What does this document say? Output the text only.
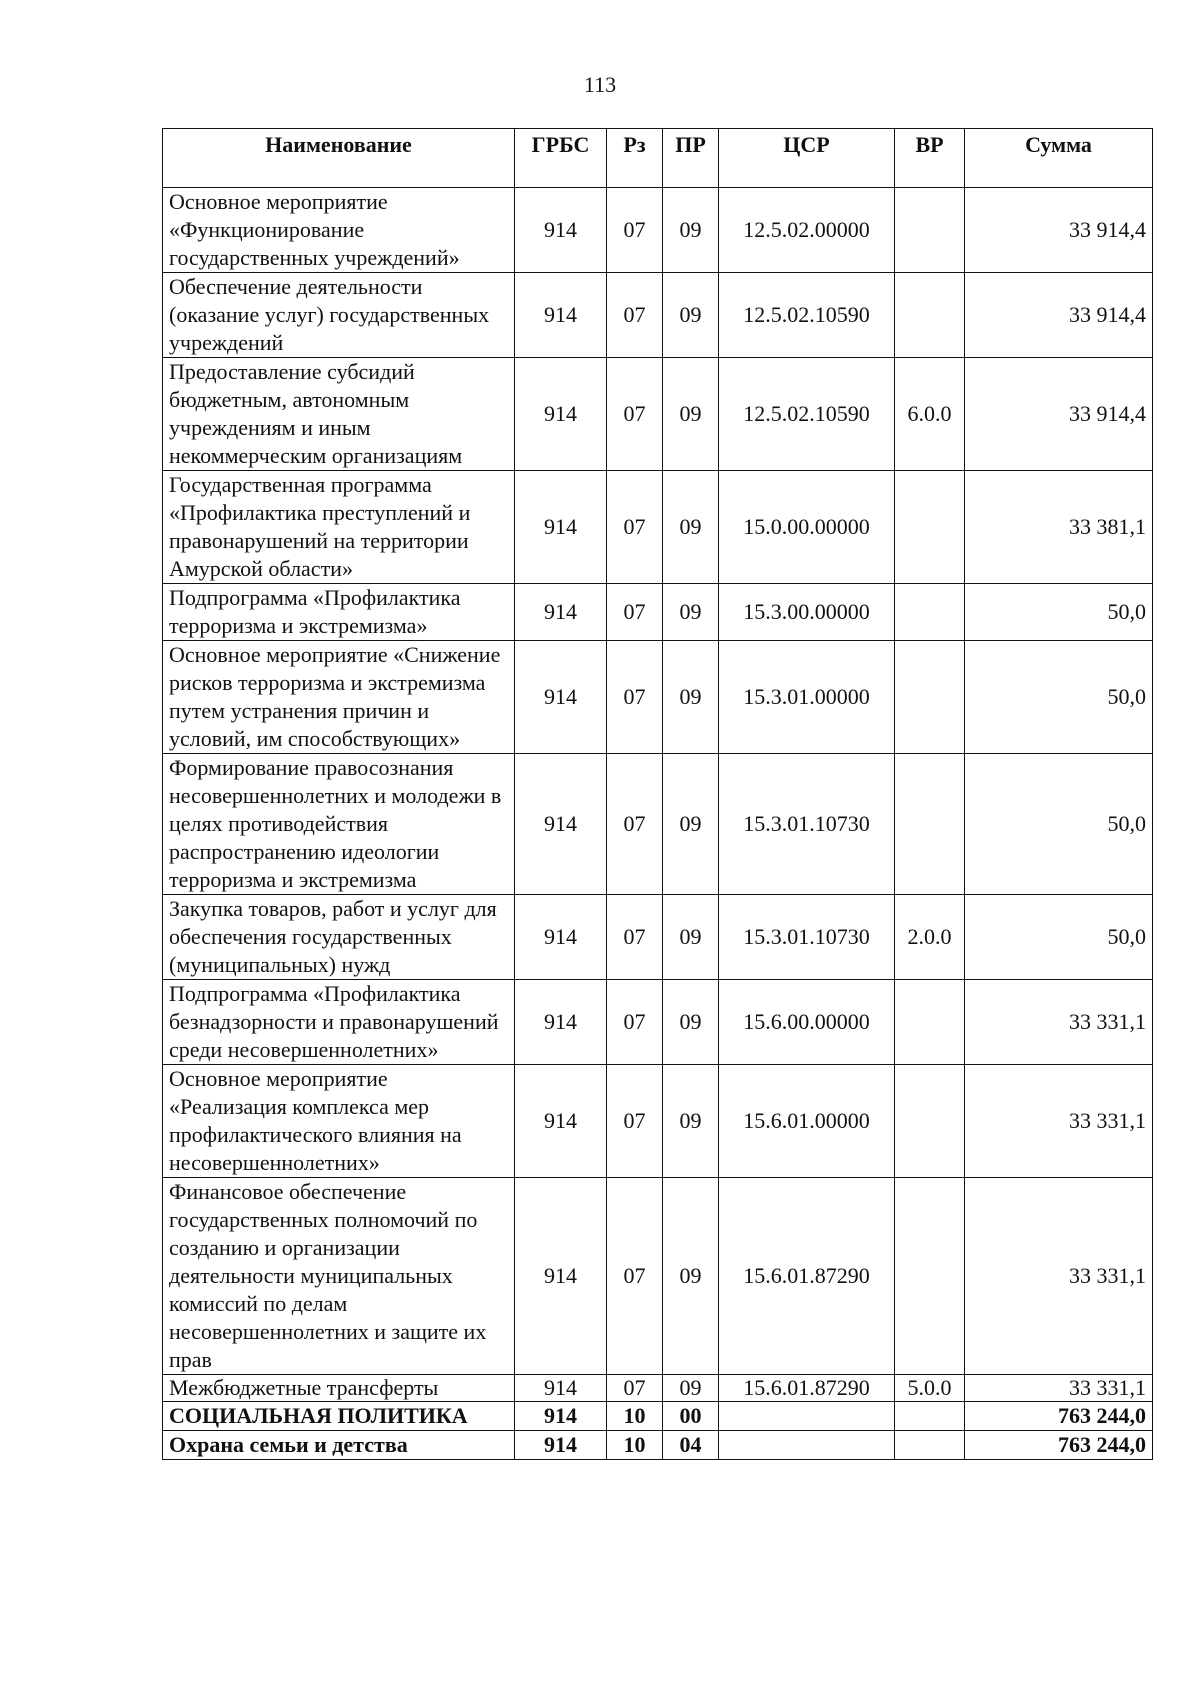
113
Наименование	ГРБС	Рз	ПР	ЦСР	ВР	Сумма
Основное мероприятие «Функционирование государственных учреждений»	914	07	09	12.5.02.00000		33 914,4
Обеспечение деятельности (оказание услуг) государственных учреждений	914	07	09	12.5.02.10590		33 914,4
Предоставление субсидий бюджетным, автономным учреждениям и иным некоммерческим организациям	914	07	09	12.5.02.10590	6.0.0	33 914,4
Государственная программа «Профилактика преступлений и правонарушений на территории Амурской области»	914	07	09	15.0.00.00000		33 381,1
Подпрограмма «Профилактика терроризма и экстремизма»	914	07	09	15.3.00.00000		50,0
Основное мероприятие «Снижение рисков терроризма и экстремизма путем устранения причин и условий, им способствующих»	914	07	09	15.3.01.00000		50,0
Формирование правосознания несовершеннолетних и молодежи в целях противодействия распространению идеологии терроризма и экстремизма	914	07	09	15.3.01.10730		50,0
Закупка товаров, работ и услуг для обеспечения государственных (муниципальных) нужд	914	07	09	15.3.01.10730	2.0.0	50,0
Подпрограмма «Профилактика безнадзорности и правонарушений среди несовершеннолетних»	914	07	09	15.6.00.00000		33 331,1
Основное мероприятие «Реализация комплекса мер профилактического влияния на несовершеннолетних»	914	07	09	15.6.01.00000		33 331,1
Финансовое обеспечение государственных полномочий по созданию и организации деятельности муниципальных комиссий по делам несовершеннолетних и защите их прав	914	07	09	15.6.01.87290		33 331,1
Межбюджетные трансферты	914	07	09	15.6.01.87290	5.0.0	33 331,1
СОЦИАЛЬНАЯ ПОЛИТИКА	914	10	00			763 244,0
Охрана семьи и детства	914	10	04			763 244,0
